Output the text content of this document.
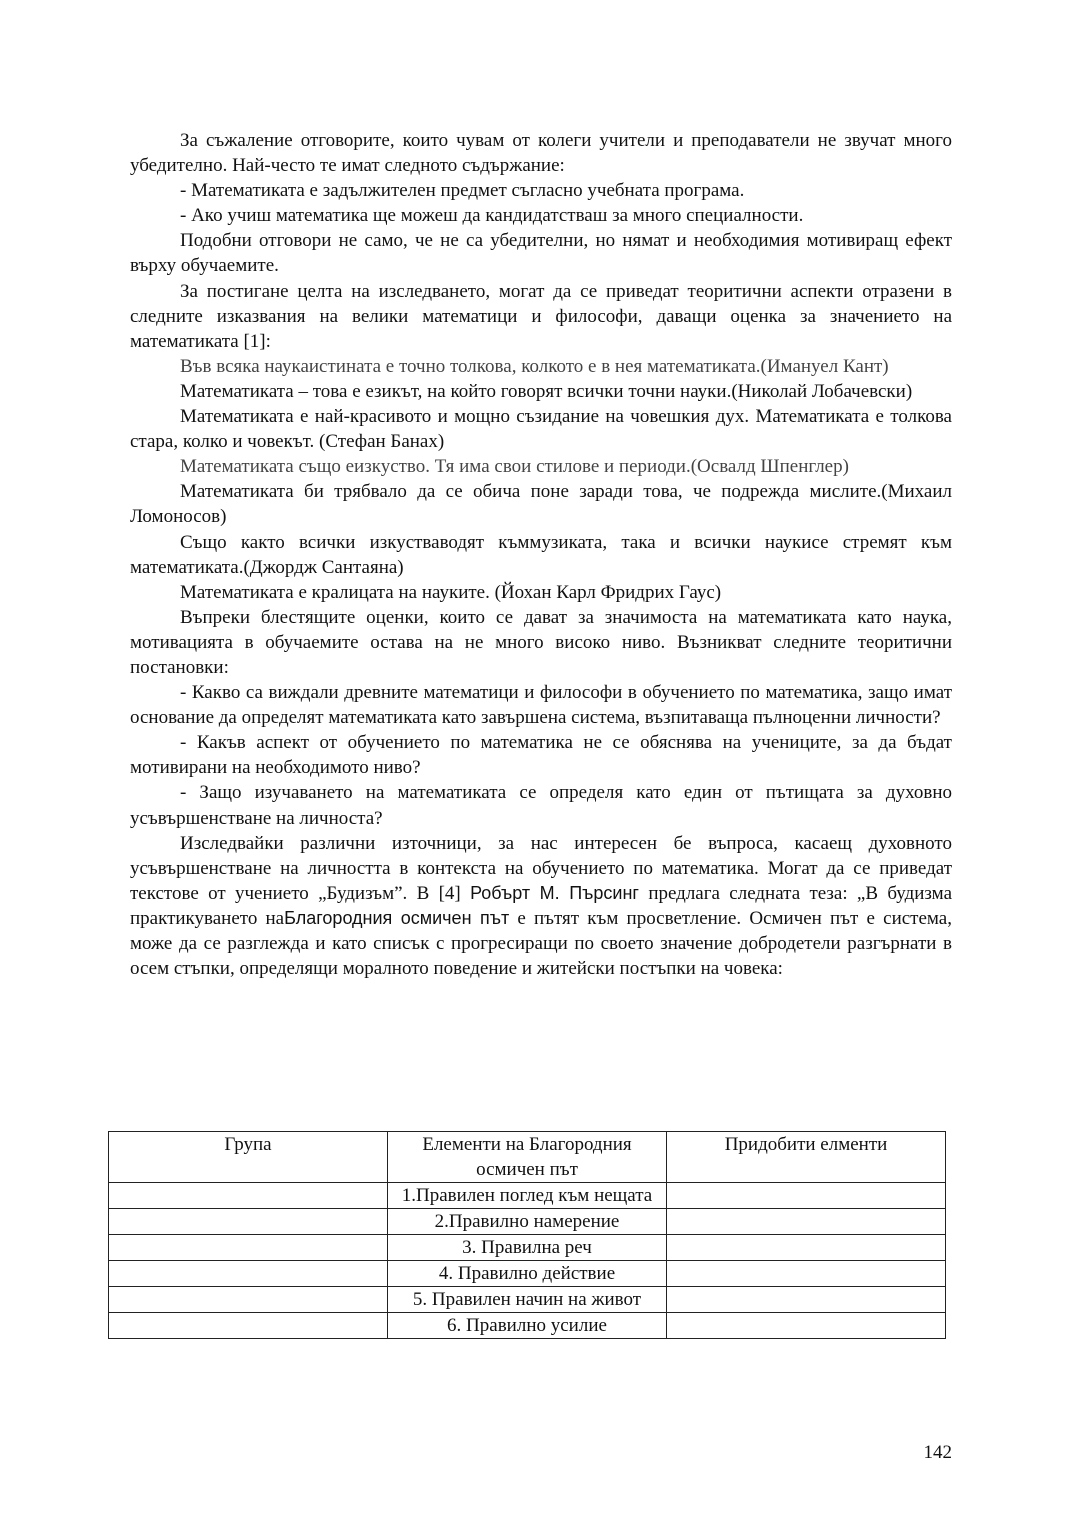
За съжаление отговорите, които чувам от колеги учители и преподаватели не звучат много убедително. Най-често те имат следното съдържание:

- Математиката е задължителен предмет съгласно учебната програма.

- Ако учиш математика ще можеш да кандидатстваш за много специалности.

Подобни отговори не само, че не са убедителни, но нямат и необходимия мотивиращ ефект върху обучаемите.

За постигане целта на изследването, могат да се приведат теоритични аспекти отразени в следните изказвания на велики математици и философи, даващи оценка за значението на математиката [1]:

Във всяка наукаистината е точно толкова, колкото е в нея математиката.(Имануел Кант)

Математиката – това е езикът, на който говорят всички точни науки.(Николай Лобачевски)

Математиката е най-красивото и мощно съзидание на човешкия дух. Математиката е толкова стара, колко и човекът. (Стефан Банах)

Математиката също еизкуство. Тя има свои стилове и периоди.(Освалд Шпенглер)

Математиката би трябвало да се обича поне заради това, че подрежда мислите.(Михаил Ломоносов)

Също както всички изкустваводят къммузиката, така и всички наукисе стремят към математиката.(Джордж Сантаяна)

Математиката е кралицата на науките. (Йохан Карл Фридрих Гаус)

Въпреки блестящите оценки, които се дават за значимоста на математиката като наука, мотивацията в обучаемите остава на не много високо ниво. Възникват следните теоритични постановки:

- Какво са виждали древните математици и философи в обучението по математика, защо имат основание да определят математиката като завършена система, възпитаваща пълноценни личности?

- Какъв аспект от обучението по математика не се обяснява на учениците, за да бъдат мотивирани на необходимото ниво?

- Защо изучаването на математиката се определя като един от пътищата за духовно усъвършенстване на личноста?

Изследвайки различни източници, за нас интересен бе въпроса, касаещ духовното усъвършенстване на личността в контекста на обучението по математика. Могат да се приведат текстове от учението „Будизъм”. В [4] Робърт М. Пърсинг предлага следната теза: „В будизма практикуването наБлагородния осмичен път е пътят към просветление. Осмичен път е система, може да се разглежда и като списък с прогресиращи по своето значение добродетели разгърнати в осем стъпки, определящи моралното поведение и житейски постъпки на човека:

Група	Елементи на Благородния осмичен път	Придобити елменти
	1.Правилен поглед към нещата	
	2.Правилно намерение	
	3. Правилна реч	
	4. Правилно действие	
	5. Правилен начин на живот	
	6. Правилно усилие	
142
